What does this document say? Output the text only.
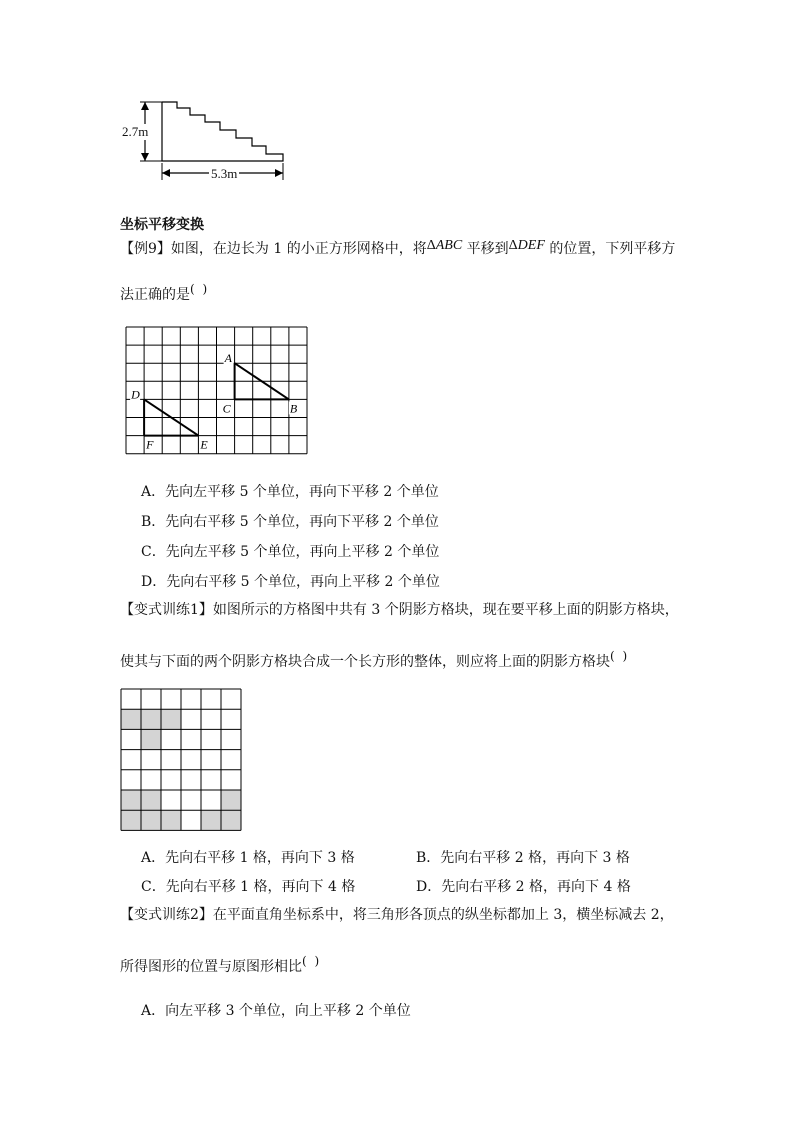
2.7m
5.3m
坐标平移变换
【例9】如图，在边长为 1 的小正方形网格中，将ΔABC 平移到ΔDEF 的位置，下列平移方
法正确的是( )
A
C	B
D
F	E
A．先向左平移 5 个单位，再向下平移 2 个单位
B．先向右平移 5 个单位，再向下平移 2 个单位
C．先向左平移 5 个单位，再向上平移 2 个单位
D．先向右平移 5 个单位，再向上平移 2 个单位
【变式训练1】如图所示的方格图中共有 3 个阴影方格块，现在要平移上面的阴影方格块，
使其与下面的两个阴影方格块合成一个长方形的整体，则应将上面的阴影方格块( )
A．先向右平移 1 格，再向下 3 格	B．先向右平移 2 格，再向下 3 格
C．先向右平移 1 格，再向下 4 格	D．先向右平移 2 格，再向下 4 格
【变式训练2】在平面直角坐标系中，将三角形各顶点的纵坐标都加上 3，横坐标减去 2，
所得图形的位置与原图形相比( )
A．向左平移 3 个单位，向上平移 2 个单位
